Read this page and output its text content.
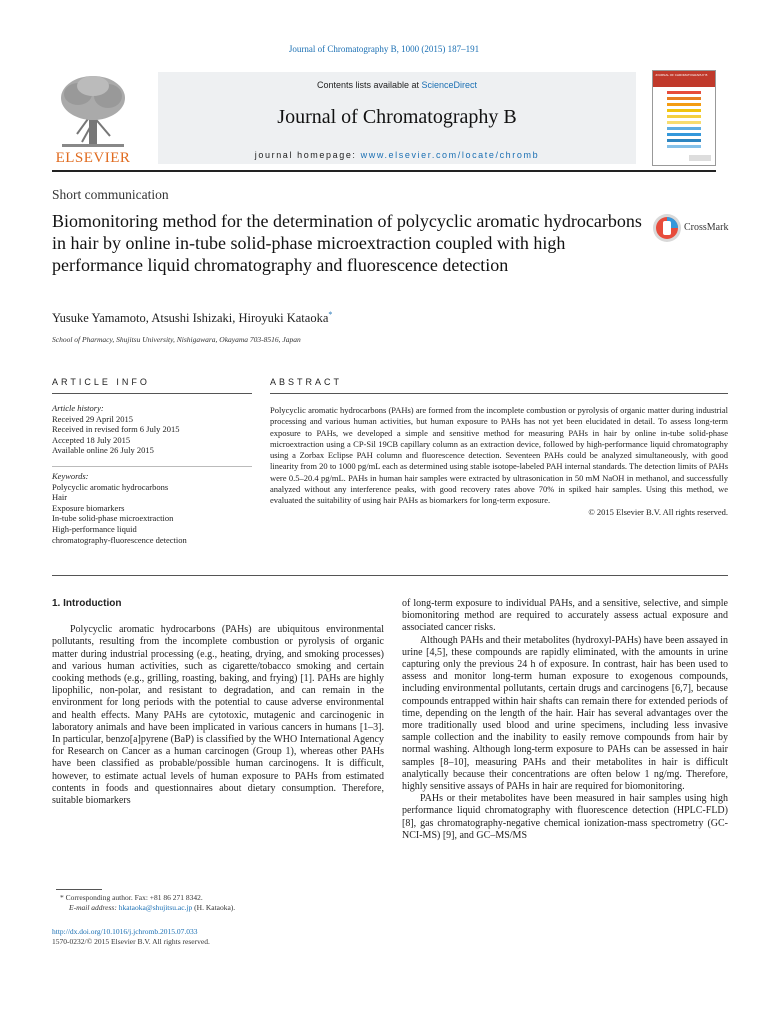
Journal of Chromatography B, 1000 (2015) 187–191
ELSEVIER
Contents lists available at ScienceDirect
Journal of Chromatography B
journal homepage: www.elsevier.com/locate/chromb
JOURNAL OF CHROMATOGRAPHY B
Short communication
Biomonitoring method for the determination of polycyclic aromatic hydrocarbons in hair by online in-tube solid-phase microextraction coupled with high performance liquid chromatography and fluorescence detection
CrossMark
Yusuke Yamamoto, Atsushi Ishizaki, Hiroyuki Kataoka*
School of Pharmacy, Shujitsu University, Nishigawara, Okayama 703-8516, Japan
ARTICLE INFO	ABSTRACT
Article history:
Received 29 April 2015
Received in revised form 6 July 2015
Accepted 18 July 2015
Available online 26 July 2015
Keywords:
Polycyclic aromatic hydrocarbons
Hair
Exposure biomarkers
In-tube solid-phase microextraction
High-performance liquid
chromatography-fluorescence detection
Polycyclic aromatic hydrocarbons (PAHs) are formed from the incomplete combustion or pyrolysis of organic matter during industrial processing and various human activities, but human exposure to PAHs has not yet been elucidated in detail. To assess long-term exposure to PAHs, we developed a simple and sensitive method for measuring PAHs in hair by online in-tube solid-phase microextraction using a CP-Sil 19CB capillary column as an extraction device, followed by high-performance liquid chromatography using a Zorbax Eclipse PAH column and fluorescence detection. Seventeen PAHs could be analyzed simultaneously, with good linearity from 20 to 1000 pg/mL each as determined using stable isotope-labeled PAH internal standards. The detection limits of PAHs were 0.5–20.4 pg/mL. PAHs in human hair samples were extracted by ultrasonication in 50 mM NaOH in methanol, and successfully analyzed without any interference peaks, with good recovery rates above 70% in spiked hair samples. Using this method, we evaluated the suitability of using hair PAHs as biomarkers for long-term exposure.
© 2015 Elsevier B.V. All rights reserved.
1. Introduction

Polycyclic aromatic hydrocarbons (PAHs) are ubiquitous environmental pollutants, resulting from the incomplete combustion or pyrolysis of organic matter during industrial processing (e.g., heating, drying, and smoking processes) and various human activities, such as cigarette/tobacco smoking and certain cooking methods (e.g., grilling, roasting, baking, and frying) [1]. PAHs are highly lipophilic, non-polar, and resistant to degradation, and can remain in the environment for long periods with the potential to cause adverse environmental and health effects. Many PAHs are cytotoxic, mutagenic and carcinogenic in laboratory animals and have been implicated in various cancers in humans [1–3]. In particular, benzo[a]pyrene (BaP) is classified by the WHO International Agency for Research on Cancer as a human carcinogen (Group 1), whereas other PAHs have been classified as probable/possible human carcinogens. It is difficult, however, to estimate actual levels of human exposure to PAHs from estimated contents in foods and questionnaires about dietary consumption. Therefore, suitable biomarkers

of long-term exposure to individual PAHs, and a sensitive, selective, and simple biomonitoring method are required to accurately assess actual exposure and associated cancer risks.

Although PAHs and their metabolites (hydroxyl-PAHs) have been assayed in urine [4,5], these compounds are rapidly eliminated, with the amounts in urine capturing only the previous 24 h of exposure. In contrast, hair has been used to assess and monitor long-term human exposure to exogenous compounds, including environmental pollutants, certain drugs and carcinogens [6,7], because compounds entrapped within hair shafts can remain there for extended periods of time, depending on the length of the hair. Hair has several advantages over the more traditionally used blood and urine specimens, including less invasive sample collection and the inability to easily remove compounds from hair by normal washing. Although long-term exposure to PAHs can be assessed in hair samples [8–10], measuring PAHs and their metabolites in hair is difficult analytically because their concentrations are often below 1 ng/mg. Therefore, highly sensitive assays of PAHs in hair are required for biomonitoring.

PAHs or their metabolites have been measured in hair samples using high performance liquid chromatography with fluorescence detection (HPLC-FLD) [8], gas chromatography-negative chemical ionization-mass spectrometry (GC-NCI-MS) [9], and GC–MS/MS

* Corresponding author. Fax: +81 86 271 8342.
E-mail address: hkataoka@shujitsu.ac.jp (H. Kataoka).
http://dx.doi.org/10.1016/j.jchromb.2015.07.033
1570-0232/© 2015 Elsevier B.V. All rights reserved.
